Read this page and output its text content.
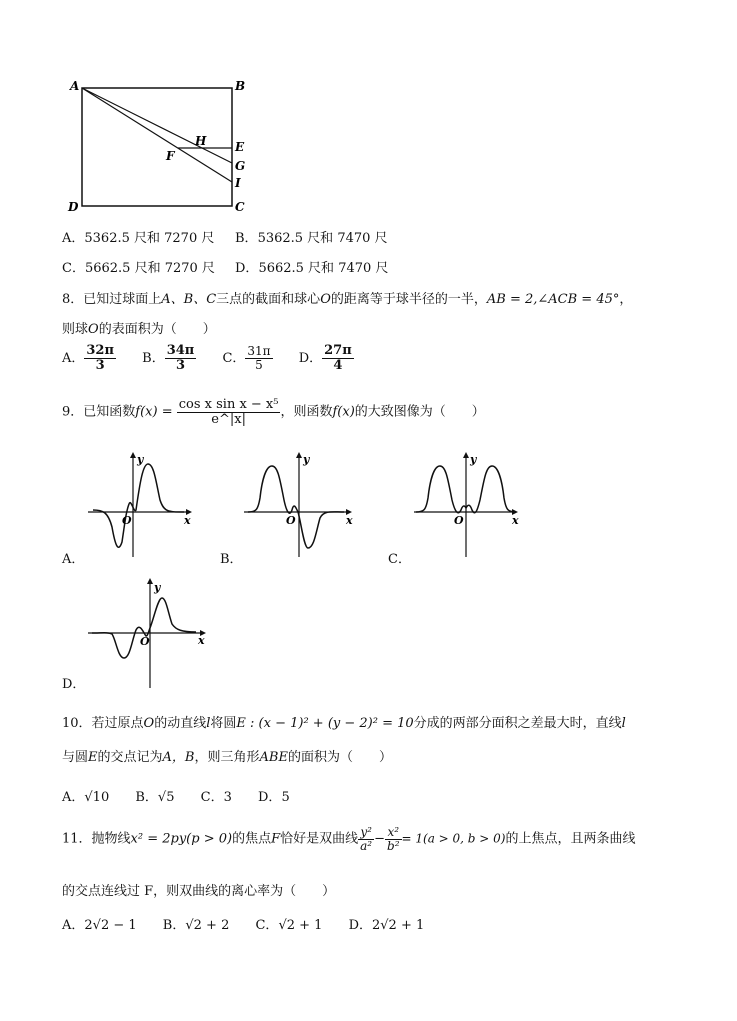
A	B
C
D
E
F
G
H
I
A．5362.5 尺和 7270 尺 B．5362.5 尺和 7470 尺
C．5662.5 尺和 7270 尺 D．5662.5 尺和 7470 尺
8．已知过球面上A、B、C三点的截面和球心O的距离等于球半径的一半，AB = 2,∠ACB = 45°，
则球O的表面积为（　　）
A． $\frac{32\pi}{3}$ B． $\frac{34\pi}{3}$ C． $\frac{31\pi}{5}$ D． $\frac{27\pi}{4}$
9．已知函数$f(x) = \frac{\text{cos x sin x − x⁵}}{e\^{}|x|}$ ，则函数f(x)的大致图像为（　　）
y
x
O
A．
y
x
O
B．
y
x
O
C．
y
x
O
D．
10．若过原点O的动直线l将圆E : (x − 1)² + (y − 2)² = 10分成的两部分面积之差最大时，直线l
与圆E的交点记为A，B，则三角形ABE的面积为（　　）
A．√10 B．√5 C．3 D．5
11．抛物线x² = 2py(p > 0)的焦点F恰好是双曲线 $\frac{\text{y²}}{\text{a²}} - \frac{\text{x²}}{\text{b²}} = 1(a > 0$, b > 0)的上焦点，且两条曲线
的交点连线过 F，则双曲线的离心率为（　　）
A．2√2 − 1 B．√2 + 2 C．√2 + 1 D．2√2 + 1
